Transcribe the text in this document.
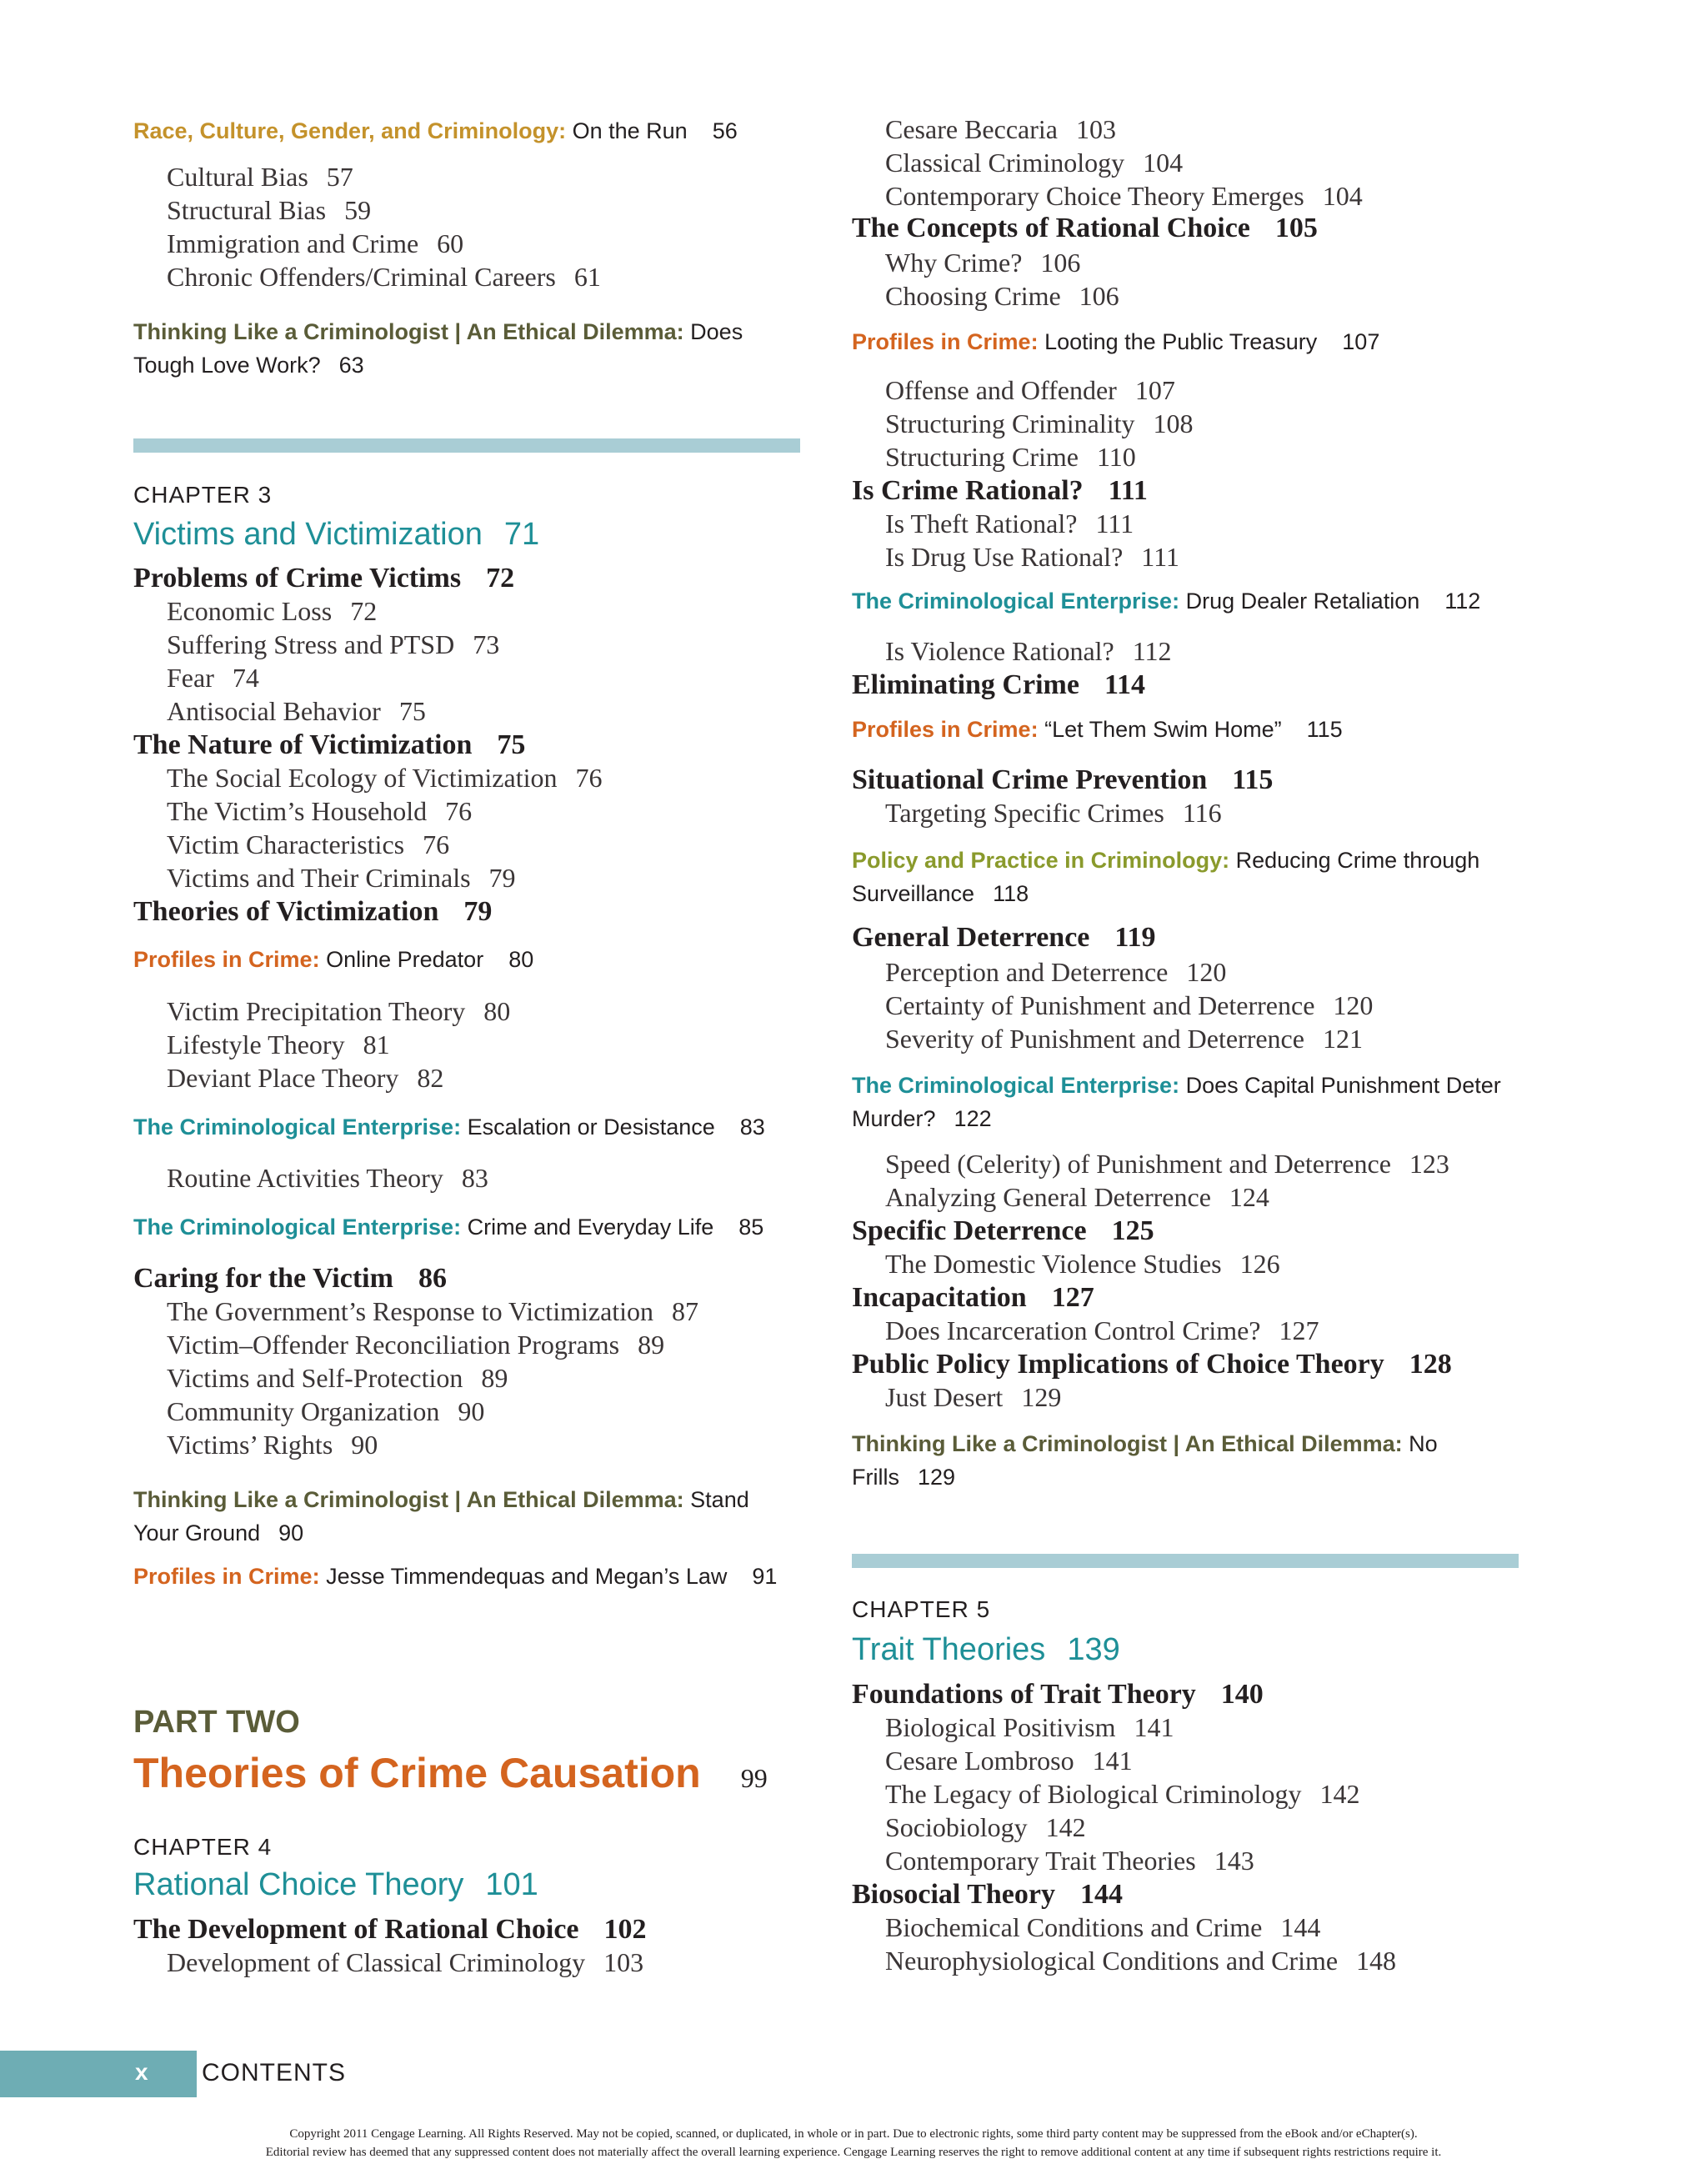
Race, Culture, Gender, and Criminology: On the Run 56
Cultural Bias 57
Structural Bias 59
Immigration and Crime 60
Chronic Offenders/Criminal Careers 61
Thinking Like a Criminologist | An Ethical Dilemma: Does Tough Love Work? 63
CHAPTER 3
Victims and Victimization 71
Problems of Crime Victims 72
Economic Loss 72
Suffering Stress and PTSD 73
Fear 74
Antisocial Behavior 75
The Nature of Victimization 75
The Social Ecology of Victimization 76
The Victim’s Household 76
Victim Characteristics 76
Victims and Their Criminals 79
Theories of Victimization 79
Profiles in Crime: Online Predator 80
Victim Precipitation Theory 80
Lifestyle Theory 81
Deviant Place Theory 82
The Criminological Enterprise: Escalation or Desistance 83
Routine Activities Theory 83
The Criminological Enterprise: Crime and Everyday Life 85
Caring for the Victim 86
The Government’s Response to Victimization 87
Victim–Offender Reconciliation Programs 89
Victims and Self-Protection 89
Community Organization 90
Victims’ Rights 90
Thinking Like a Criminologist | An Ethical Dilemma: Stand Your Ground 90
Profiles in Crime: Jesse Timmendequas and Megan’s Law 91
PART TWO
Theories of Crime Causation 99
CHAPTER 4
Rational Choice Theory 101
The Development of Rational Choice 102
Development of Classical Criminology 103
Cesare Beccaria 103
Classical Criminology 104
Contemporary Choice Theory Emerges 104
The Concepts of Rational Choice 105
Why Crime? 106
Choosing Crime 106
Profiles in Crime: Looting the Public Treasury 107
Offense and Offender 107
Structuring Criminality 108
Structuring Crime 110
Is Crime Rational? 111
Is Theft Rational? 111
Is Drug Use Rational? 111
The Criminological Enterprise: Drug Dealer Retaliation 112
Is Violence Rational? 112
Eliminating Crime 114
Profiles in Crime: “Let Them Swim Home” 115
Situational Crime Prevention 115
Targeting Specific Crimes 116
Policy and Practice in Criminology: Reducing Crime through Surveillance 118
General Deterrence 119
Perception and Deterrence 120
Certainty of Punishment and Deterrence 120
Severity of Punishment and Deterrence 121
The Criminological Enterprise: Does Capital Punishment Deter Murder? 122
Speed (Celerity) of Punishment and Deterrence 123
Analyzing General Deterrence 124
Specific Deterrence 125
The Domestic Violence Studies 126
Incapacitation 127
Does Incarceration Control Crime? 127
Public Policy Implications of Choice Theory 128
Just Desert 129
Thinking Like a Criminologist | An Ethical Dilemma: No Frills 129
CHAPTER 5
Trait Theories 139
Foundations of Trait Theory 140
Biological Positivism 141
Cesare Lombroso 141
The Legacy of Biological Criminology 142
Sociobiology 142
Contemporary Trait Theories 143
Biosocial Theory 144
Biochemical Conditions and Crime 144
Neurophysiological Conditions and Crime 148
x CONTENTS
Copyright 2011 Cengage Learning. All Rights Reserved. May not be copied, scanned, or duplicated, in whole or in part. Due to electronic rights, some third party content may be suppressed from the eBook and/or eChapter(s).
Editorial review has deemed that any suppressed content does not materially affect the overall learning experience. Cengage Learning reserves the right to remove additional content at any time if subsequent rights restrictions require it.
